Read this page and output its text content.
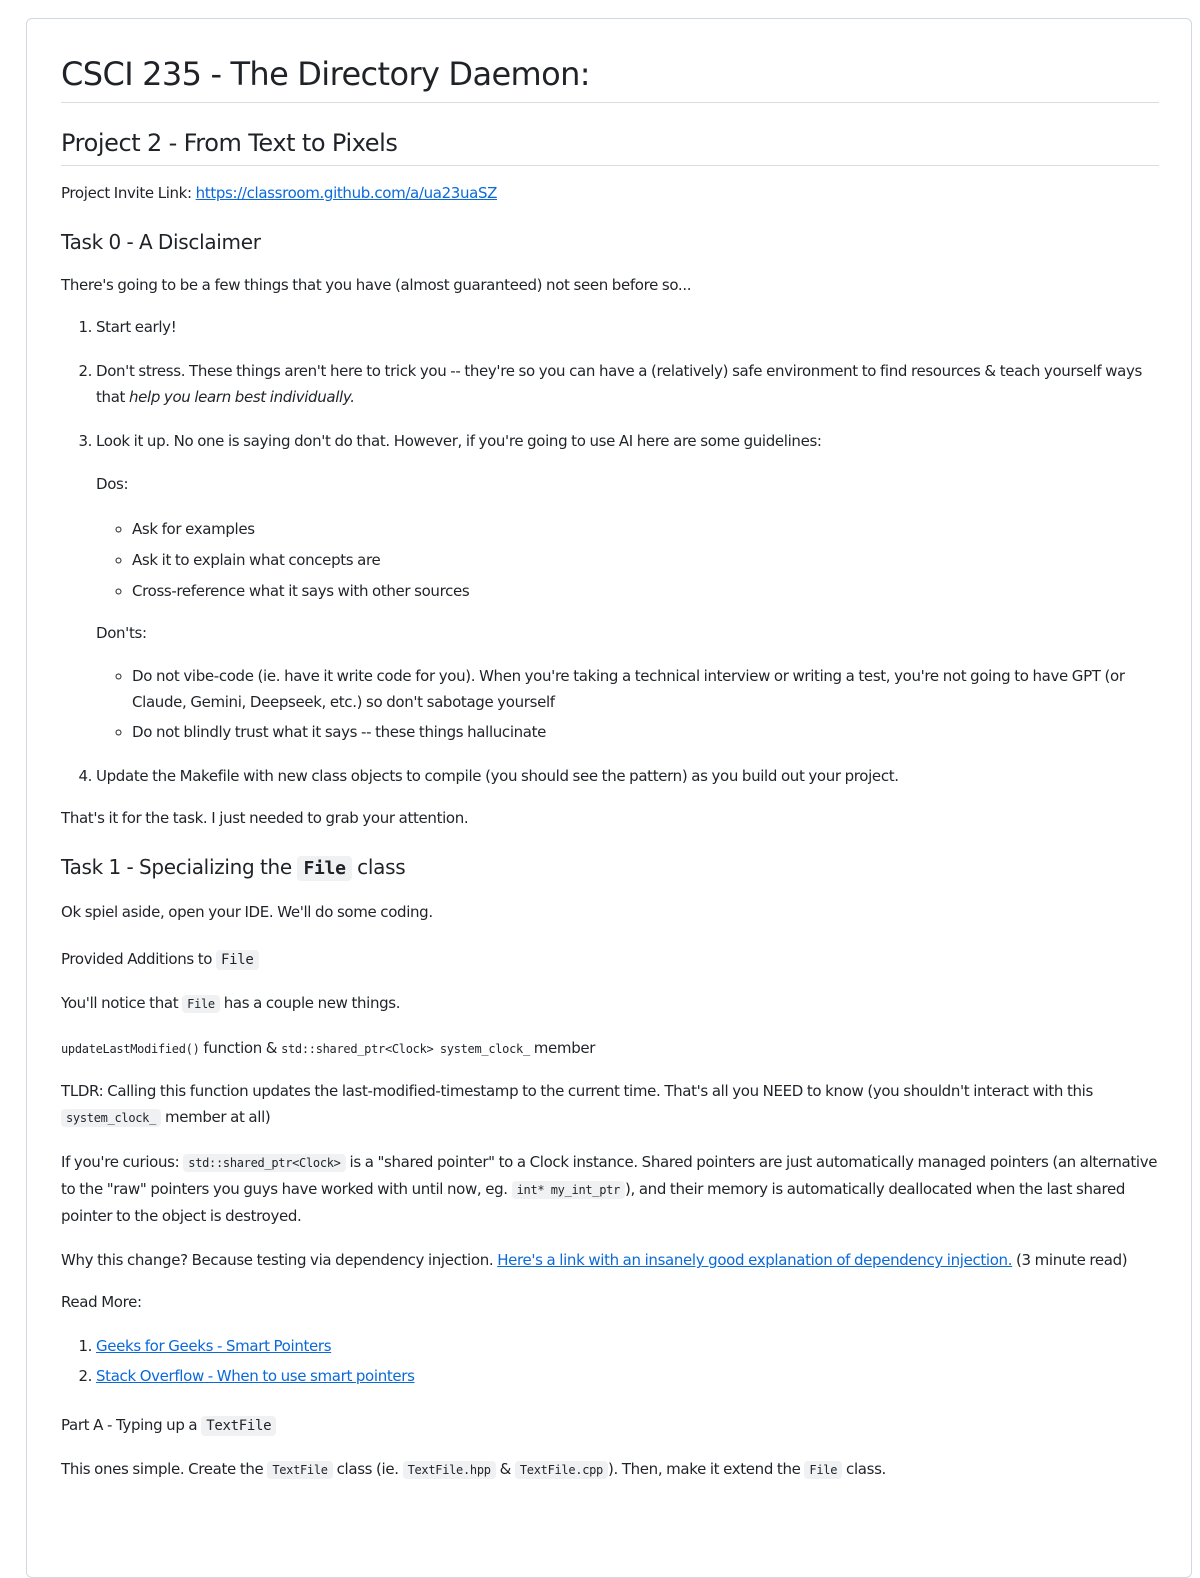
CSCI 235 - The Directory Daemon:
Project 2 - From Text to Pixels

Project Invite Link: https://classroom.github.com/a/ua23uaSZ

Task 0 - A Disclaimer

There's going to be a few things that you have (almost guaranteed) not seen before so...

1. Start early!
2. Don't stress. These things aren't here to trick you -- they're so you can have a (relatively) safe environment to find resources & teach yourself ways that help you learn best individually.
3. Look it up. No one is saying don't do that. However, if you're going to use AI here are some guidelines:

Dos:

◦ Ask for examples
◦ Ask it to explain what concepts are
◦ Cross-reference what it says with other sources

Don'ts:

◦ Do not vibe-code (ie. have it write code for you). When you're taking a technical interview or writing a test, you're not going to have GPT (or Claude, Gemini, Deepseek, etc.) so don't sabotage yourself
◦ Do not blindly trust what it says -- these things hallucinate
4. Update the Makefile with new class objects to compile (you should see the pattern) as you build out your project.

That's it for the task. I just needed to grab your attention.

Task 1 - Specializing the File class

Ok spiel aside, open your IDE. We'll do some coding.

Provided Additions to File

You'll notice that File has a couple new things.

updateLastModified() function & std::shared_ptr<Clock> system_clock_ member

TLDR: Calling this function updates the last-modified-timestamp to the current time. That's all you NEED to know (you shouldn't interact with this system_clock_ member at all)

If you're curious: std::shared_ptr<Clock> is a "shared pointer" to a Clock instance. Shared pointers are just automatically managed pointers (an alternative to the "raw" pointers you guys have worked with until now, eg. int* my_int_ptr ), and their memory is automatically deallocated when the last shared pointer to the object is destroyed.

Why this change? Because testing via dependency injection. Here's a link with an insanely good explanation of dependency injection. (3 minute read)

Read More:

1. Geeks for Geeks - Smart Pointers
2. Stack Overflow - When to use smart pointers
Part A - Typing up a TextFile

This ones simple. Create the TextFile class (ie. TextFile.hpp & TextFile.cpp ). Then, make it extend the File class.
